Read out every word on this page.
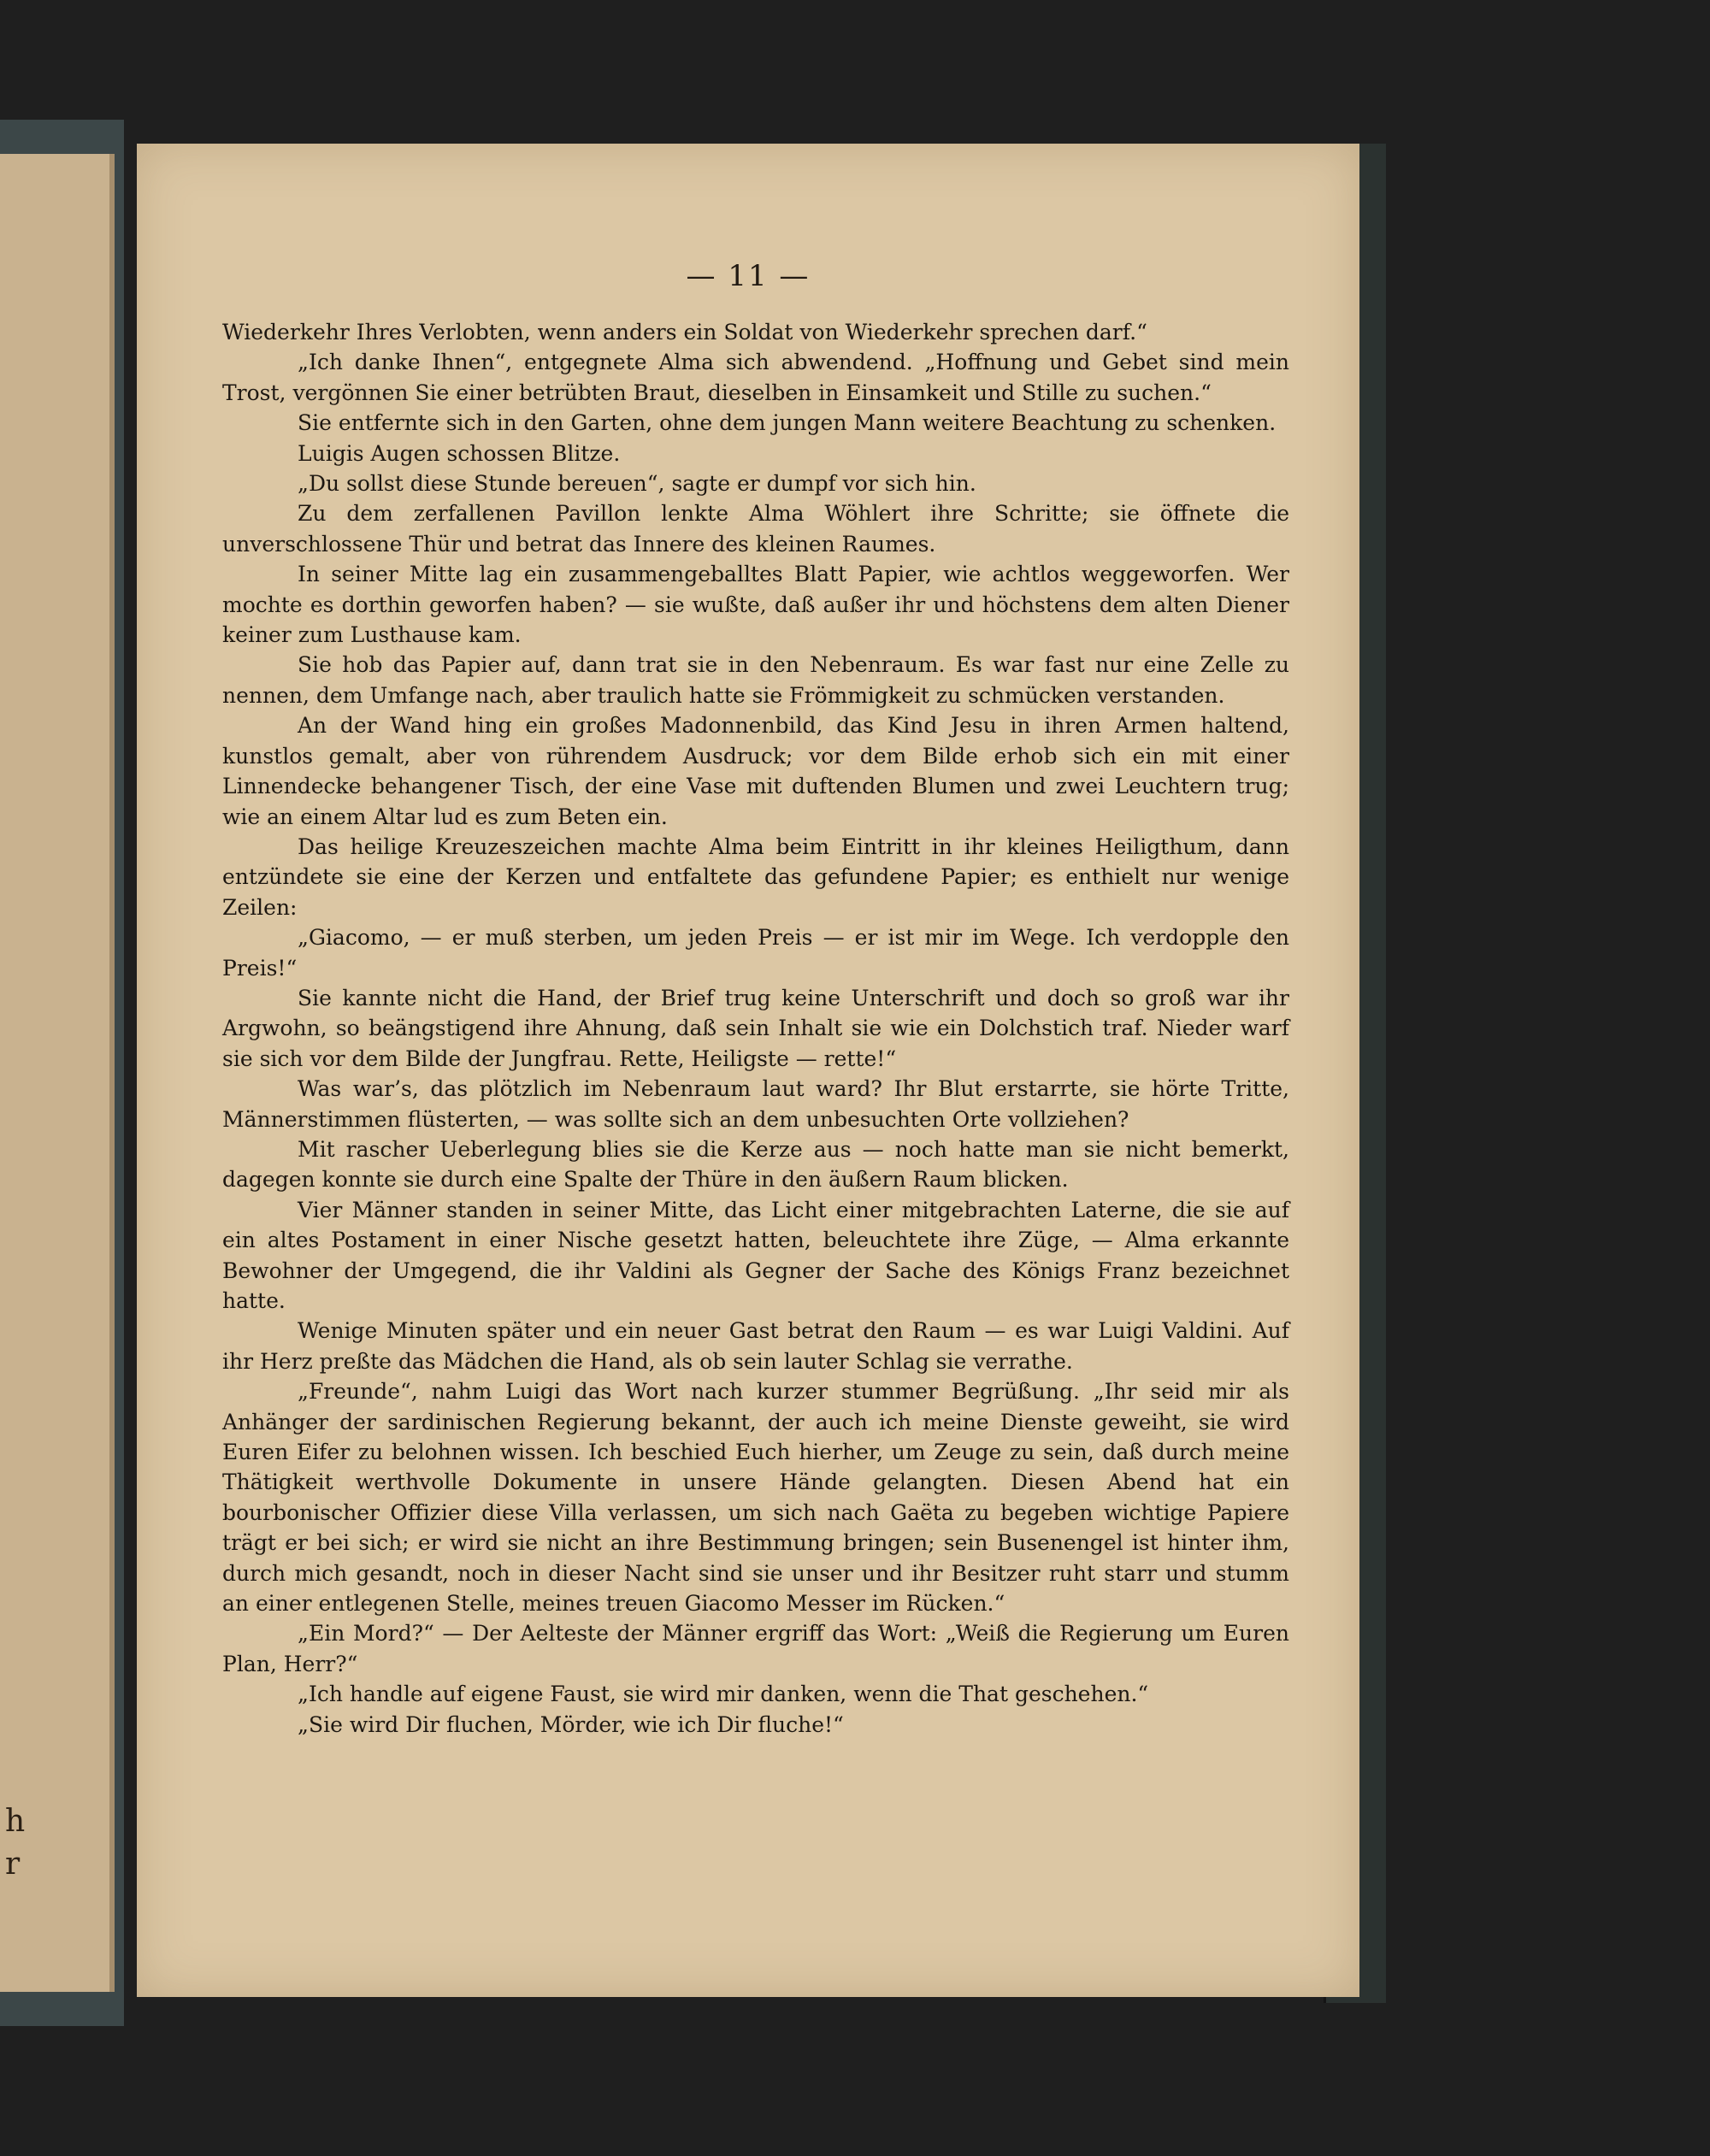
h
r
— 11 —

Wiederkehr Ihres Verlobten, wenn anders ein Soldat von Wiederkehr sprechen darf.“

„Ich danke Ihnen“, entgegnete Alma sich abwendend. „Hoffnung und Gebet sind mein Trost, vergönnen Sie einer betrübten Braut, dieselben in Einsamkeit und Stille zu suchen.“

Sie entfernte sich in den Garten, ohne dem jungen Mann weitere Beachtung zu schenken.

Luigis Augen schossen Blitze.

„Du sollst diese Stunde bereuen“, sagte er dumpf vor sich hin.

Zu dem zerfallenen Pavillon lenkte Alma Wöhlert ihre Schritte; sie öffnete die unverschlossene Thür und betrat das Innere des kleinen Raumes.

In seiner Mitte lag ein zusammengeballtes Blatt Papier, wie achtlos weggeworfen. Wer mochte es dorthin geworfen haben? — sie wußte, daß außer ihr und höchstens dem alten Diener keiner zum Lusthause kam.

Sie hob das Papier auf, dann trat sie in den Nebenraum. Es war fast nur eine Zelle zu nennen, dem Umfange nach, aber traulich hatte sie Frömmigkeit zu schmücken verstanden.

An der Wand hing ein großes Madonnenbild, das Kind Jesu in ihren Armen haltend, kunstlos gemalt, aber von rührendem Ausdruck; vor dem Bilde erhob sich ein mit einer Linnendecke behangener Tisch, der eine Vase mit duftenden Blumen und zwei Leuchtern trug; wie an einem Altar lud es zum Beten ein.

Das heilige Kreuzeszeichen machte Alma beim Eintritt in ihr kleines Heiligthum, dann entzündete sie eine der Kerzen und entfaltete das gefundene Papier; es enthielt nur wenige Zeilen:

„Giacomo, — er muß sterben, um jeden Preis — er ist mir im Wege. Ich verdopple den Preis!“

Sie kannte nicht die Hand, der Brief trug keine Unterschrift und doch so groß war ihr Argwohn, so beängstigend ihre Ahnung, daß sein Inhalt sie wie ein Dolchstich traf. Nieder warf sie sich vor dem Bilde der Jungfrau. Rette, Heiligste — rette!“

Was war’s, das plötzlich im Nebenraum laut ward? Ihr Blut erstarrte, sie hörte Tritte, Männerstimmen flüsterten, — was sollte sich an dem unbesuchten Orte vollziehen?

Mit rascher Ueberlegung blies sie die Kerze aus — noch hatte man sie nicht bemerkt, dagegen konnte sie durch eine Spalte der Thüre in den äußern Raum blicken.

Vier Männer standen in seiner Mitte, das Licht einer mitgebrachten Laterne, die sie auf ein altes Postament in einer Nische gesetzt hatten, beleuchtete ihre Züge, — Alma erkannte Bewohner der Umgegend, die ihr Valdini als Gegner der Sache des Königs Franz bezeichnet hatte.

Wenige Minuten später und ein neuer Gast betrat den Raum — es war Luigi Valdini. Auf ihr Herz preßte das Mädchen die Hand, als ob sein lauter Schlag sie verrathe.

„Freunde“, nahm Luigi das Wort nach kurzer stummer Begrüßung. „Ihr seid mir als Anhänger der sardinischen Regierung bekannt, der auch ich meine Dienste geweiht, sie wird Euren Eifer zu belohnen wissen. Ich beschied Euch hierher, um Zeuge zu sein, daß durch meine Thätigkeit werthvolle Dokumente in unsere Hände gelangten. Diesen Abend hat ein bourbonischer Offizier diese Villa verlassen, um sich nach Gaëta zu begeben wichtige Papiere trägt er bei sich; er wird sie nicht an ihre Bestimmung bringen; sein Busenengel ist hinter ihm, durch mich gesandt, noch in dieser Nacht sind sie unser und ihr Besitzer ruht starr und stumm an einer entlegenen Stelle, meines treuen Giacomo Messer im Rücken.“

„Ein Mord?“ — Der Aelteste der Männer ergriff das Wort: „Weiß die Regierung um Euren Plan, Herr?“

„Ich handle auf eigene Faust, sie wird mir danken, wenn die That geschehen.“

„Sie wird Dir fluchen, Mörder, wie ich Dir fluche!“
